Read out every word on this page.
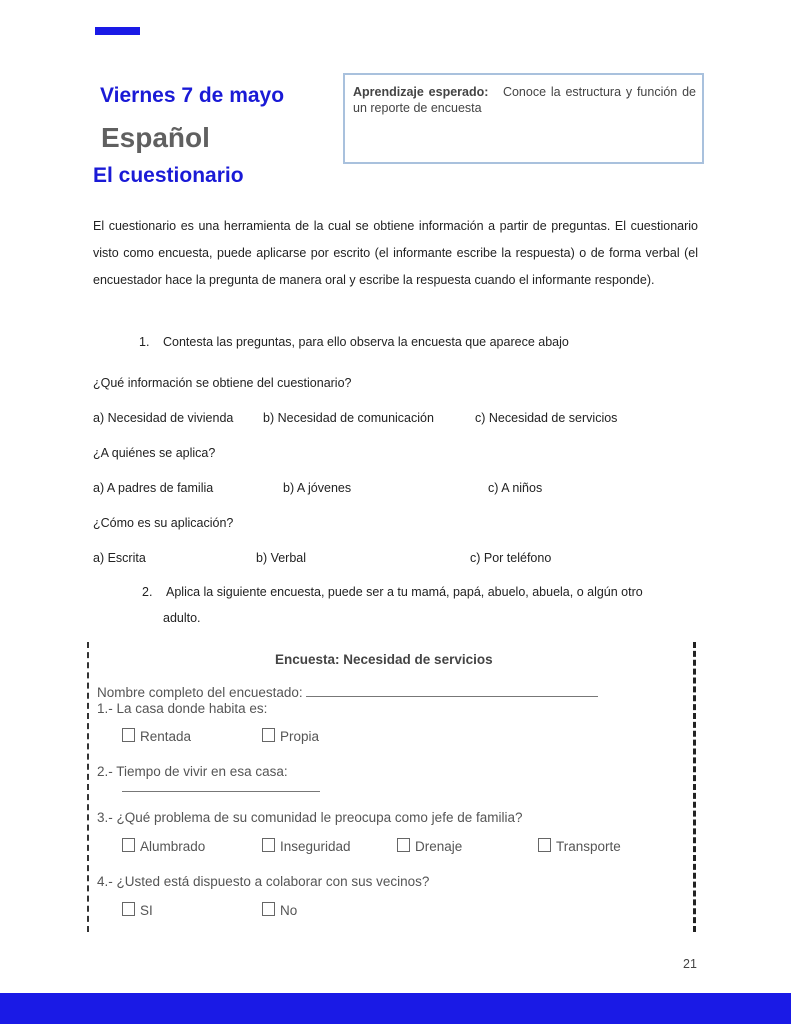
Viernes 7 de mayo
Español
El cuestionario
Aprendizaje esperado: Conoce la estructura y función de un reporte de encuesta
El cuestionario es una herramienta de la cual se obtiene información a partir de preguntas. El cuestionario visto como encuesta, puede aplicarse por escrito (el informante escribe la respuesta) o de forma verbal (el encuestador hace la pregunta de manera oral y escribe la respuesta cuando el informante responde).
1. Contesta las preguntas, para ello observa la encuesta que aparece abajo
¿Qué información se obtiene del cuestionario?
a) Necesidad de vivienda b) Necesidad de comunicación	c) Necesidad de servicios
¿A quiénes se aplica?
a) A padres de familia	b) A jóvenes	c) A niños
¿Cómo es su aplicación?
a) Escrita	b) Verbal	c) Por teléfono
2. Aplica la siguiente encuesta, puede ser a tu mamá, papá, abuelo, abuela, o algún otro
adulto.
Encuesta: Necesidad de servicios
Nombre completo del encuestado:
1.- La casa donde habita es:
Rentada	Propia
2.- Tiempo de vivir en esa casa:
3.- ¿Qué problema de su comunidad le preocupa como jefe de familia?
Alumbrado	Inseguridad	Drenaje	Transporte
4.- ¿Usted está dispuesto a colaborar con sus vecinos?
SI	No
21
